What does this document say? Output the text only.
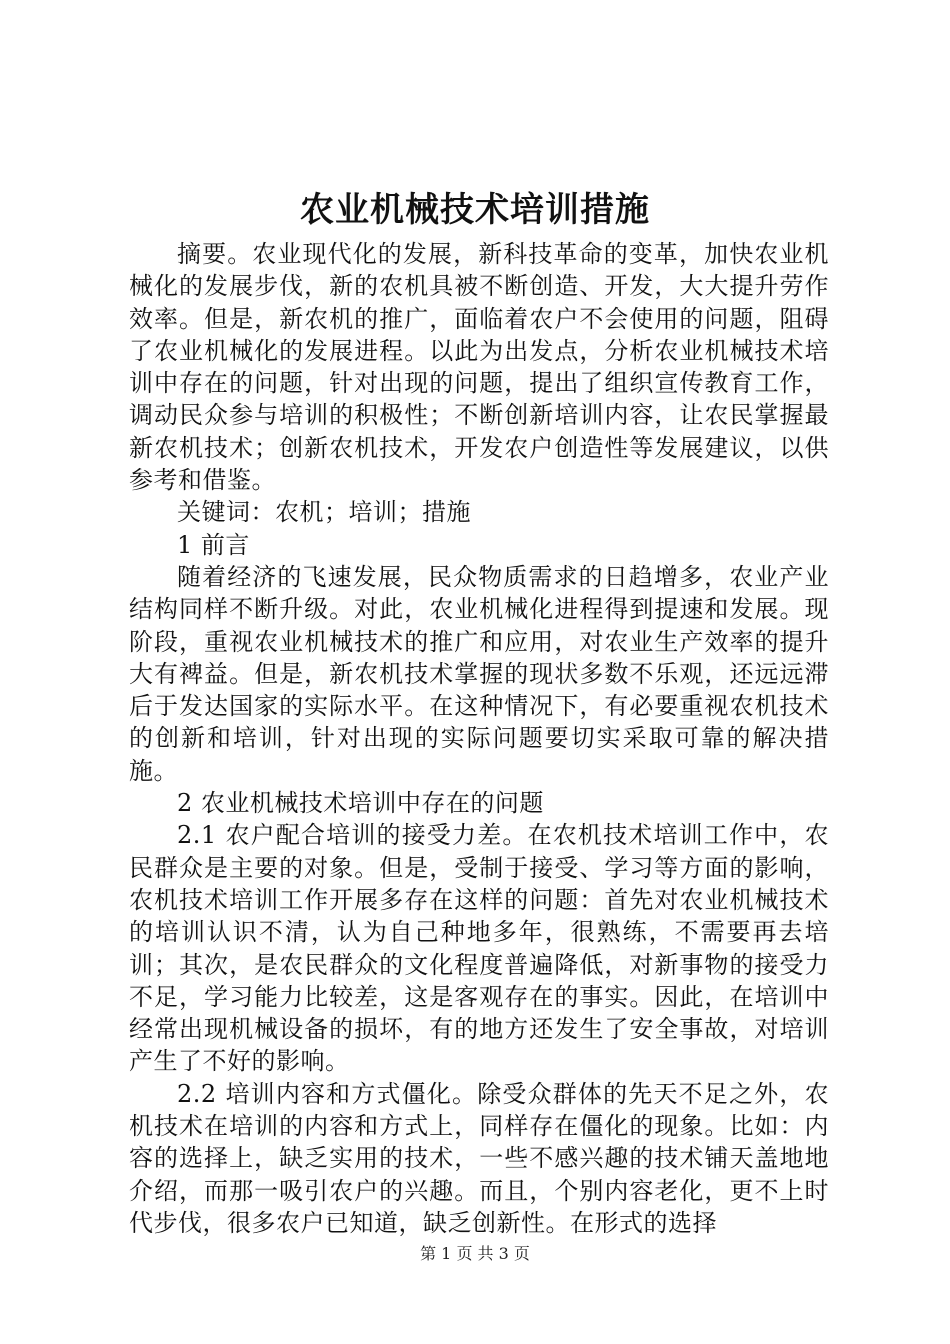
农业机械技术培训措施

摘要。农业现代化的发展，新科技革命的变革，加快农业机械化的发展步伐，新的农机具被不断创造、开发，大大提升劳作效率。但是，新农机的推广，面临着农户不会使用的问题，阻碍了农业机械化的发展进程。以此为出发点，分析农业机械技术培训中存在的问题，针对出现的问题，提出了组织宣传教育工作，调动民众参与培训的积极性；不断创新培训内容，让农民掌握最新农机技术；创新农机技术，开发农户创造性等发展建议，以供参考和借鉴。

关键词：农机；培训；措施

1 前言

随着经济的飞速发展，民众物质需求的日趋增多，农业产业结构同样不断升级。对此，农业机械化进程得到提速和发展。现阶段，重视农业机械技术的推广和应用，对农业生产效率的提升大有裨益。但是，新农机技术掌握的现状多数不乐观，还远远滞后于发达国家的实际水平。在这种情况下，有必要重视农机技术的创新和培训，针对出现的实际问题要切实采取可靠的解决措施。

2 农业机械技术培训中存在的问题

2.1 农户配合培训的接受力差。在农机技术培训工作中，农民群众是主要的对象。但是，受制于接受、学习等方面的影响，农机技术培训工作开展多存在这样的问题：首先对农业机械技术的培训认识不清，认为自己种地多年，很熟练，不需要再去培训；其次，是农民群众的文化程度普遍降低，对新事物的接受力不足，学习能力比较差，这是客观存在的事实。因此，在培训中经常出现机械设备的损坏，有的地方还发生了安全事故，对培训产生了不好的影响。

2.2 培训内容和方式僵化。除受众群体的先天不足之外，农机技术在培训的内容和方式上，同样存在僵化的现象。比如：内容的选择上，缺乏实用的技术，一些不感兴趣的技术铺天盖地地介绍，而那一吸引农户的兴趣。而且，个别内容老化，更不上时代步伐，很多农户已知道，缺乏创新性。在形式的选择

第 1 页 共 3 页
